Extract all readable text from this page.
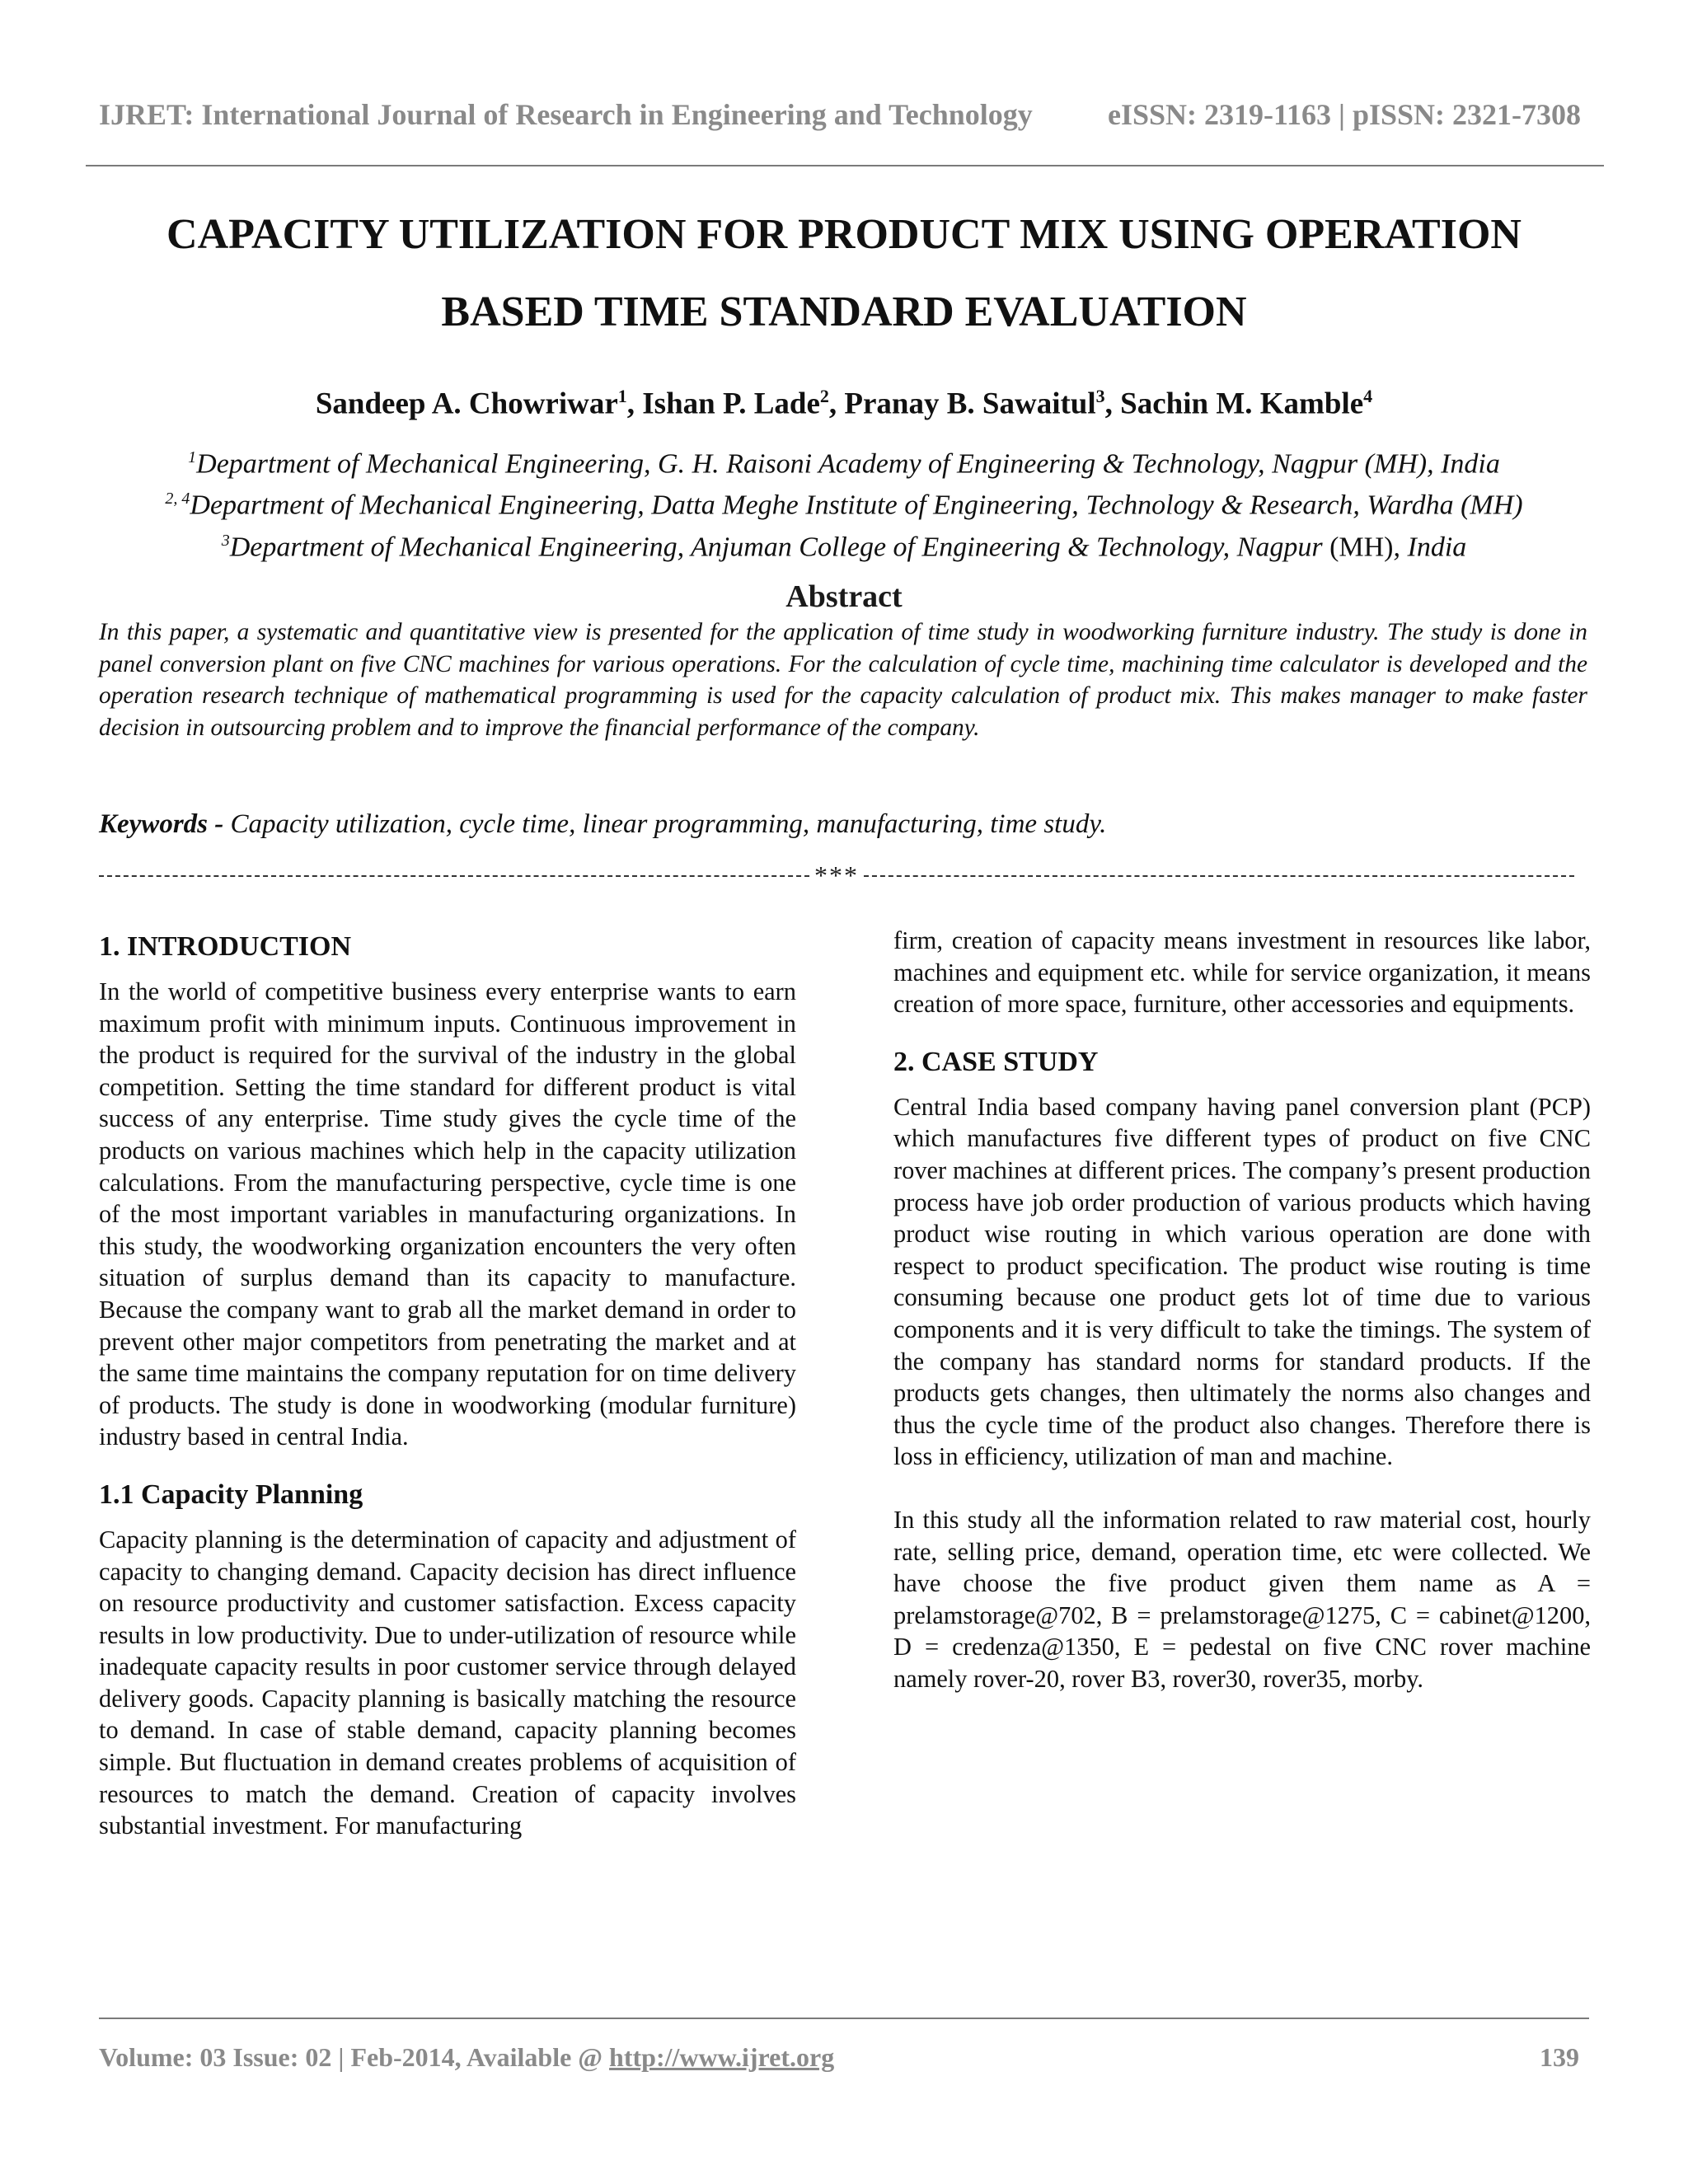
IJRET: International Journal of Research in Engineering and Technology	eISSN: 2319-1163 | pISSN: 2321-7308
CAPACITY UTILIZATION FOR PRODUCT MIX USING OPERATION
BASED TIME STANDARD EVALUATION
Sandeep A. Chowriwar$^1$, Ishan P. Lade$^2$, Pranay B. Sawaitul$^3$, Sachin M. Kamble$^4$
$^1$Department of Mechanical Engineering, G. H. Raisoni Academy of Engineering & Technology, Nagpur (MH), India
$^{2, 4}$Department of Mechanical Engineering, Datta Meghe Institute of Engineering, Technology & Research, Wardha (MH)
$^3$Department of Mechanical Engineering, Anjuman College of Engineering & Technology, Nagpur (MH), India
Abstract
In this paper, a systematic and quantitative view is presented for the application of time study in woodworking furniture industry. The study is done in panel conversion plant on five CNC machines for various operations. For the calculation of cycle time, machining time calculator is developed and the operation research technique of mathematical programming is used for the capacity calculation of product mix. This makes manager to make faster decision in outsourcing problem and to improve the financial performance of the company.
Keywords - Capacity utilization, cycle time, linear programming, manufacturing, time study.
***
1. INTRODUCTION

In the world of competitive business every enterprise wants to earn maximum profit with minimum inputs. Continuous improvement in the product is required for the survival of the industry in the global competition. Setting the time standard for different product is vital success of any enterprise. Time study gives the cycle time of the products on various machines which help in the capacity utilization calculations. From the manufacturing perspective, cycle time is one of the most important variables in manufacturing organizations. In this study, the woodworking organization encounters the very often situation of surplus demand than its capacity to manufacture. Because the company want to grab all the market demand in order to prevent other major competitors from penetrating the market and at the same time maintains the company reputation for on time delivery of products. The study is done in woodworking (modular furniture) industry based in central India.

1.1 Capacity Planning

Capacity planning is the determination of capacity and adjustment of capacity to changing demand. Capacity decision has direct influence on resource productivity and customer satisfaction. Excess capacity results in low productivity. Due to under-utilization of resource while inadequate capacity results in poor customer service through delayed delivery goods. Capacity planning is basically matching the resource to demand. In case of stable demand, capacity planning becomes simple. But fluctuation in demand creates problems of acquisition of resources to match the demand. Creation of capacity involves substantial investment. For manufacturing

firm, creation of capacity means investment in resources like labor, machines and equipment etc. while for service organization, it means creation of more space, furniture, other accessories and equipments.

2. CASE STUDY

Central India based company having panel conversion plant (PCP) which manufactures five different types of product on five CNC rover machines at different prices. The company’s present production process have job order production of various products which having product wise routing in which various operation are done with respect to product specification. The product wise routing is time consuming because one product gets lot of time due to various components and it is very difficult to take the timings. The system of the company has standard norms for standard products. If the products gets changes, then ultimately the norms also changes and thus the cycle time of the product also changes. Therefore there is loss in efficiency, utilization of man and machine.

In this study all the information related to raw material cost, hourly rate, selling price, demand, operation time, etc were collected. We have choose the five product given them name as A = prelamstorage@702, B = prelamstorage@1275, C = cabinet@1200, D = credenza@1350, E = pedestal on five CNC rover machine namely rover-20, rover B3, rover30, rover35, morby.

Volume: 03 Issue: 02 | Feb-2014, Available @ http://www.ijret.org	139
